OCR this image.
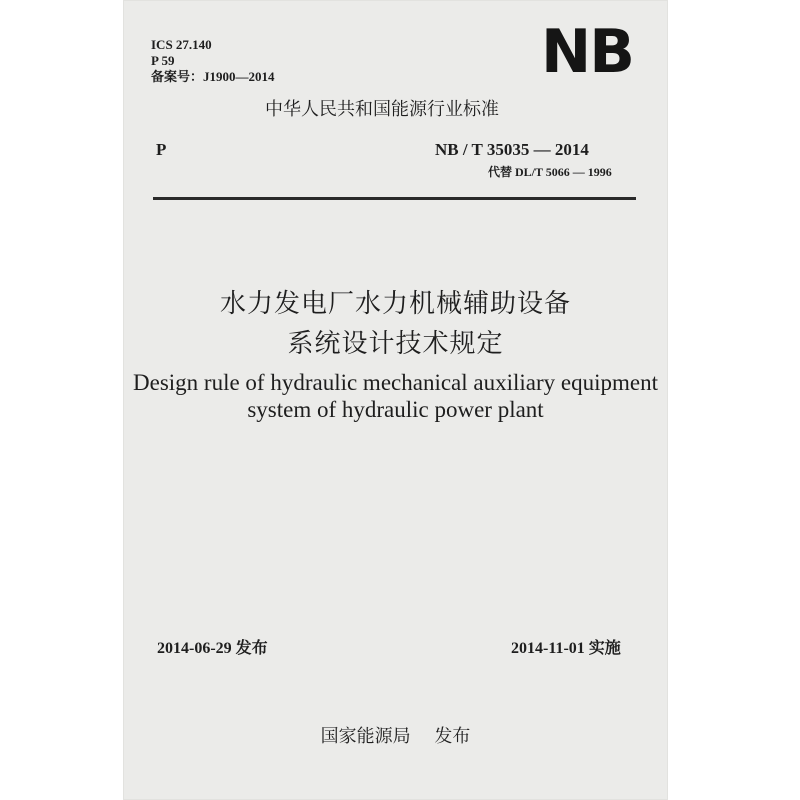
ICS 27.140
P 59
备案号：J1900—2014	NB
中华人民共和国能源行业标准
P	NB / T 35035 — 2014
代替 DL/T 5066 — 1996
水力发电厂水力机械辅助设备
系统设计技术规定
Design rule of hydraulic mechanical auxiliary equipment
system of hydraulic power plant
2014-06-29 发布	2014-11-01 实施
国家能源局　 发布
